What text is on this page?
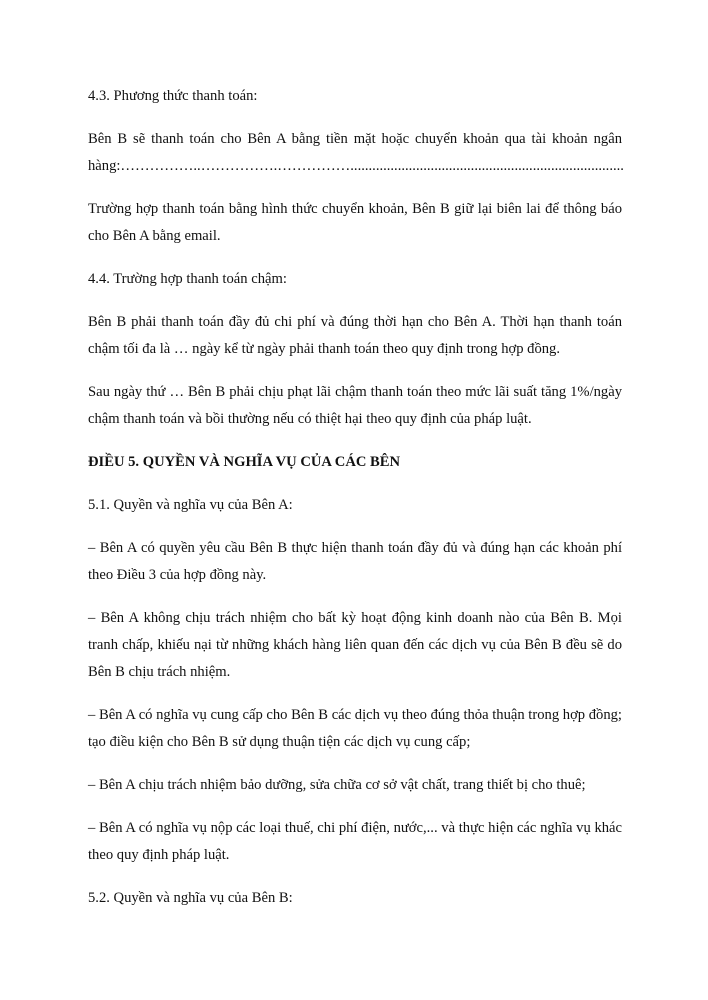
4.3. Phương thức thanh toán:

Bên B sẽ thanh toán cho Bên A bằng tiền mặt hoặc chuyển khoản qua tài khoản ngân hàng:……………..…………….……………...........................................................................

Trường hợp thanh toán bằng hình thức chuyển khoản, Bên B giữ lại biên lai để thông báo cho Bên A bằng email.

4.4. Trường hợp thanh toán chậm:

Bên B phải thanh toán đầy đủ chi phí và đúng thời hạn cho Bên A. Thời hạn thanh toán chậm tối đa là … ngày kể từ ngày phải thanh toán theo quy định trong hợp đồng.

Sau ngày thứ … Bên B phải chịu phạt lãi chậm thanh toán theo mức lãi suất tăng 1%/ngày chậm thanh toán và bồi thường nếu có thiệt hại theo quy định của pháp luật.

ĐIỀU 5. QUYỀN VÀ NGHĨA VỤ CỦA CÁC BÊN

5.1. Quyền và nghĩa vụ của Bên A:

– Bên A có quyền yêu cầu Bên B thực hiện thanh toán đầy đủ và đúng hạn các khoản phí theo Điều 3 của hợp đồng này.

– Bên A không chịu trách nhiệm cho bất kỳ hoạt động kinh doanh nào của Bên B. Mọi tranh chấp, khiếu nại từ những khách hàng liên quan đến các dịch vụ của Bên B đều sẽ do Bên B chịu trách nhiệm.

– Bên A có nghĩa vụ cung cấp cho Bên B các dịch vụ theo đúng thỏa thuận trong hợp đồng; tạo điều kiện cho Bên B sử dụng thuận tiện các dịch vụ cung cấp;

– Bên A chịu trách nhiệm bảo dưỡng, sửa chữa cơ sở vật chất, trang thiết bị cho thuê;

– Bên A có nghĩa vụ nộp các loại thuế, chi phí điện, nước,... và thực hiện các nghĩa vụ khác theo quy định pháp luật.

5.2. Quyền và nghĩa vụ của Bên B:
